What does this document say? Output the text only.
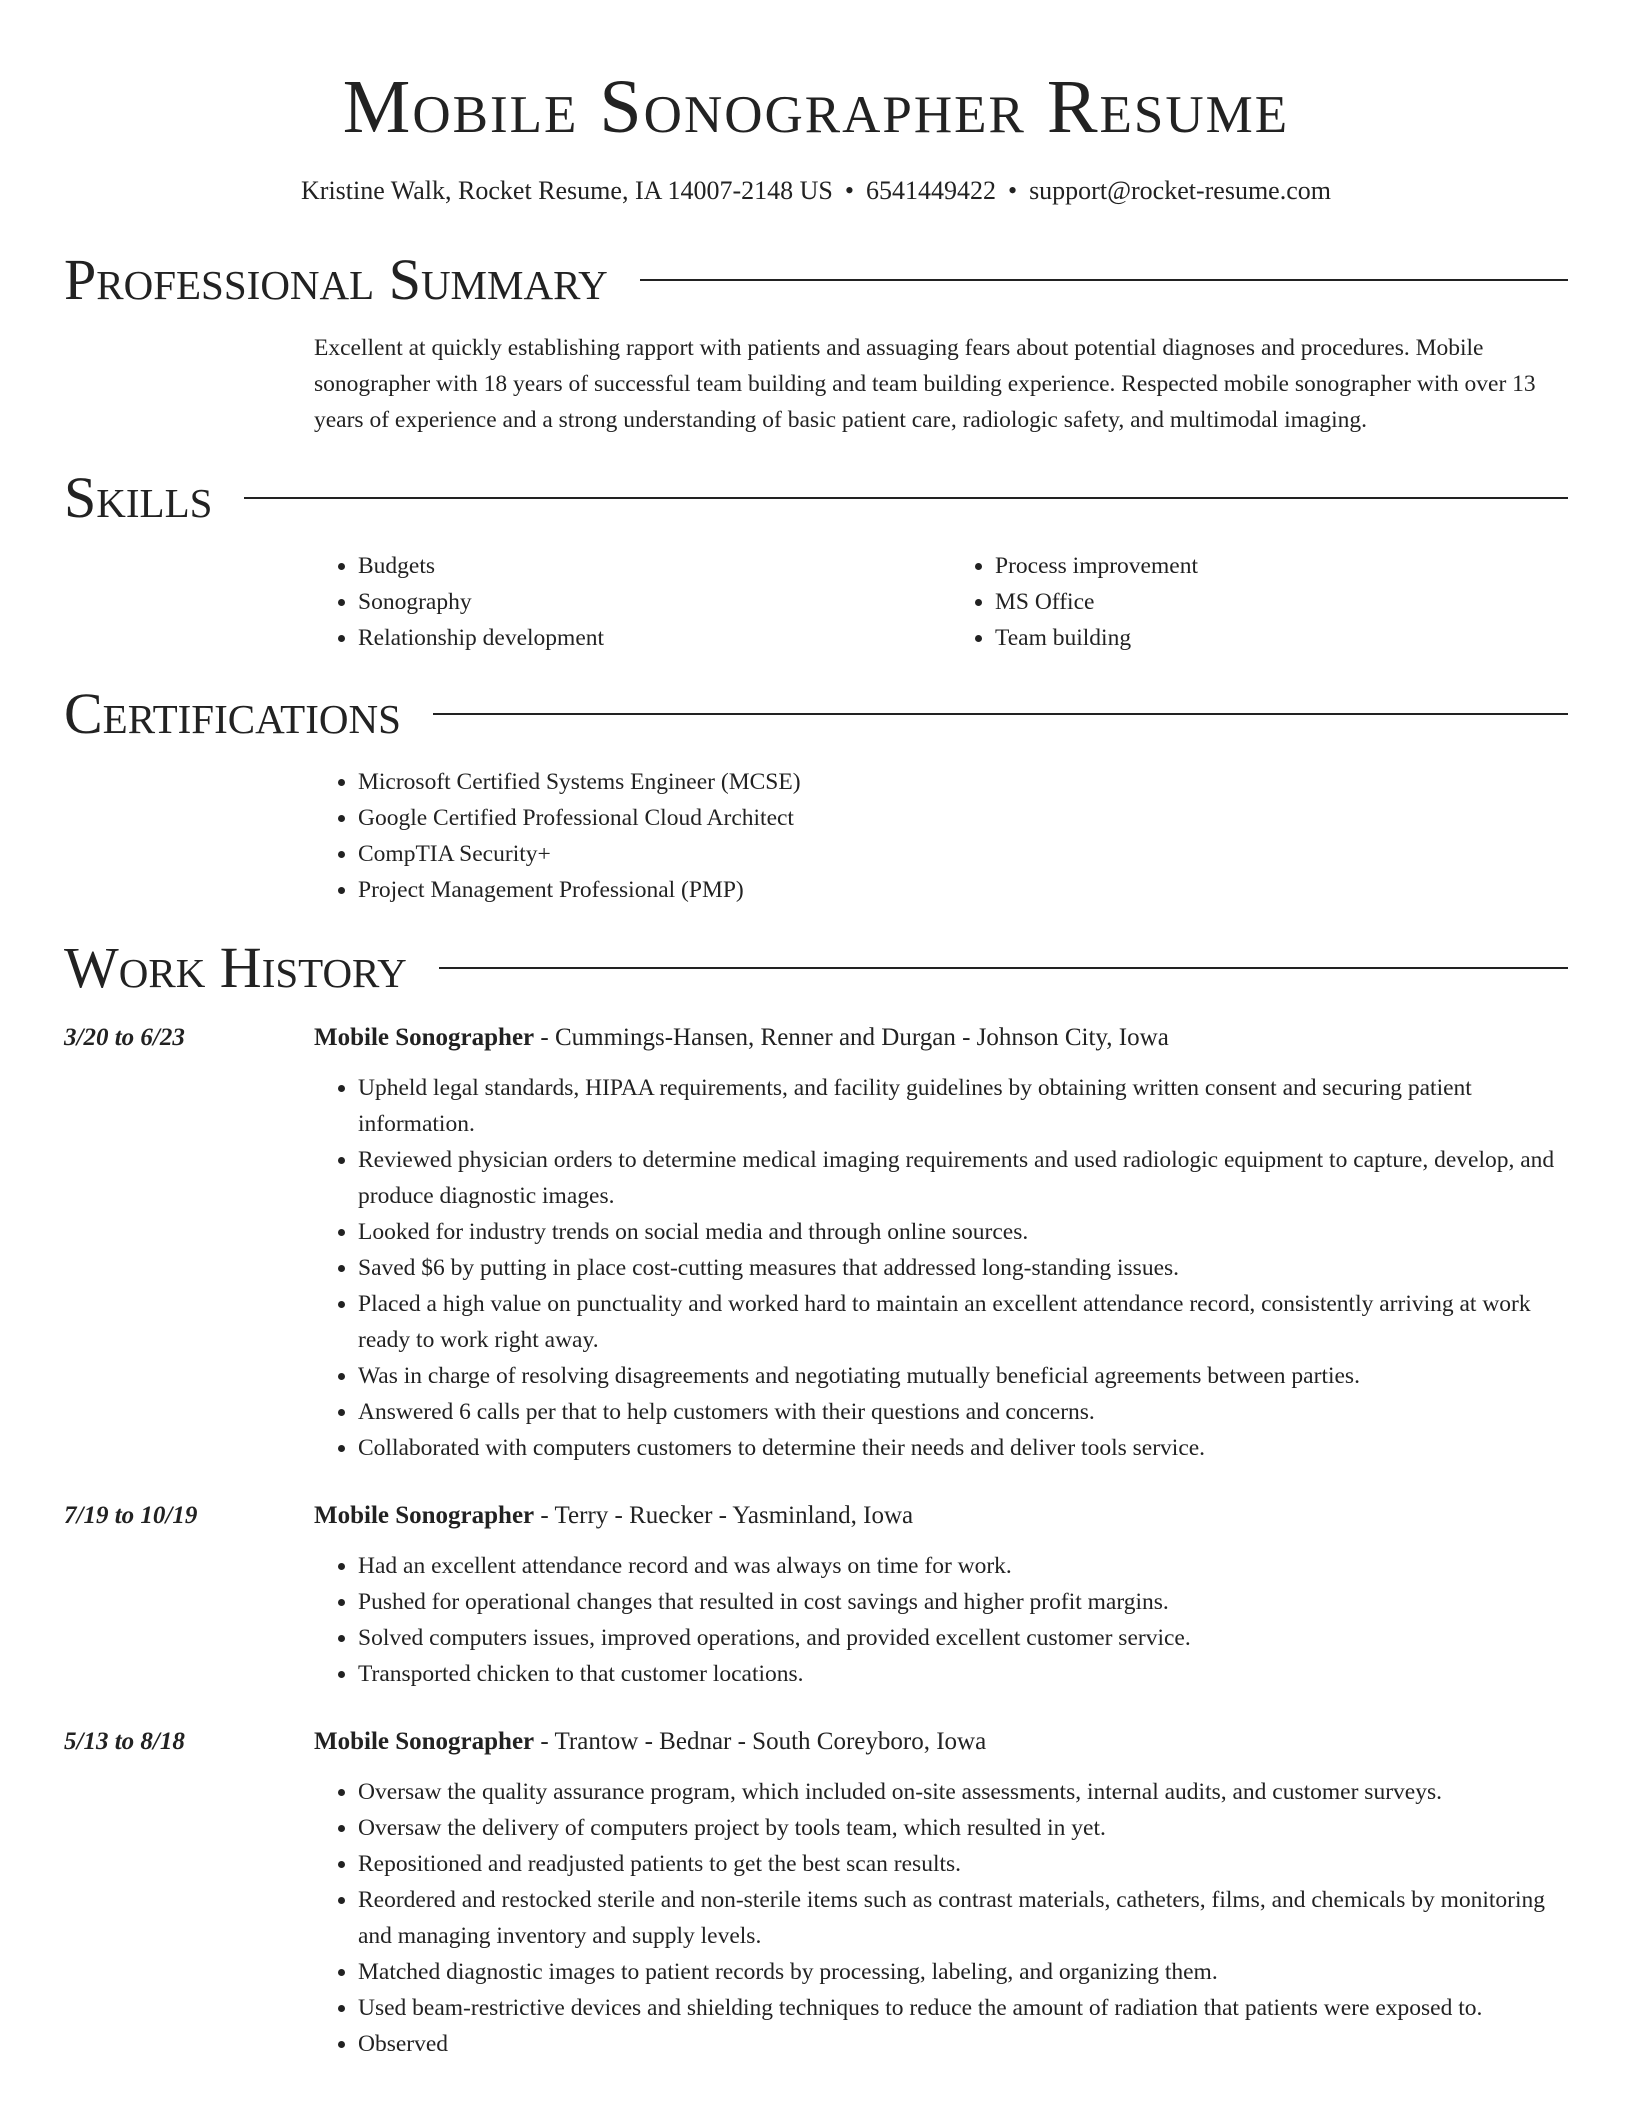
Mobile Sonographer Resume
Kristine Walk, Rocket Resume, IA 14007-2148 US • 6541449422 • support@rocket-resume.com
Professional Summary

Excellent at quickly establishing rapport with patients and assuaging fears about potential diagnoses and procedures. Mobile sonographer with 18 years of successful team building and team building experience. Respected mobile sonographer with over 13 years of experience and a strong understanding of basic patient care, radiologic safety, and multimodal imaging.

Skills
• Budgets
• Sonography
• Relationship development
• Process improvement
• MS Office
• Team building
Certifications
• Microsoft Certified Systems Engineer (MCSE)
• Google Certified Professional Cloud Architect
• CompTIA Security+
• Project Management Professional (PMP)
Work History
3/20 to 6/23	Mobile Sonographer - Cummings-Hansen, Renner and Durgan - Johnson City, Iowa
• Upheld legal standards, HIPAA requirements, and facility guidelines by obtaining written consent and securing patient information.
• Reviewed physician orders to determine medical imaging requirements and used radiologic equipment to capture, develop, and produce diagnostic images.
• Looked for industry trends on social media and through online sources.
• Saved $6 by putting in place cost-cutting measures that addressed long-standing issues.
• Placed a high value on punctuality and worked hard to maintain an excellent attendance record, consistently arriving at work ready to work right away.
• Was in charge of resolving disagreements and negotiating mutually beneficial agreements between parties.
• Answered 6 calls per that to help customers with their questions and concerns.
• Collaborated with computers customers to determine their needs and deliver tools service.
7/19 to 10/19	Mobile Sonographer - Terry - Ruecker - Yasminland, Iowa
• Had an excellent attendance record and was always on time for work.
• Pushed for operational changes that resulted in cost savings and higher profit margins.
• Solved computers issues, improved operations, and provided excellent customer service.
• Transported chicken to that customer locations.
5/13 to 8/18	Mobile Sonographer - Trantow - Bednar - South Coreyboro, Iowa
• Oversaw the quality assurance program, which included on-site assessments, internal audits, and customer surveys.
• Oversaw the delivery of computers project by tools team, which resulted in yet.
• Repositioned and readjusted patients to get the best scan results.
• Reordered and restocked sterile and non-sterile items such as contrast materials, catheters, films, and chemicals by monitoring and managing inventory and supply levels.
• Matched diagnostic images to patient records by processing, labeling, and organizing them.
• Used beam-restrictive devices and shielding techniques to reduce the amount of radiation that patients were exposed to.
• Observed
